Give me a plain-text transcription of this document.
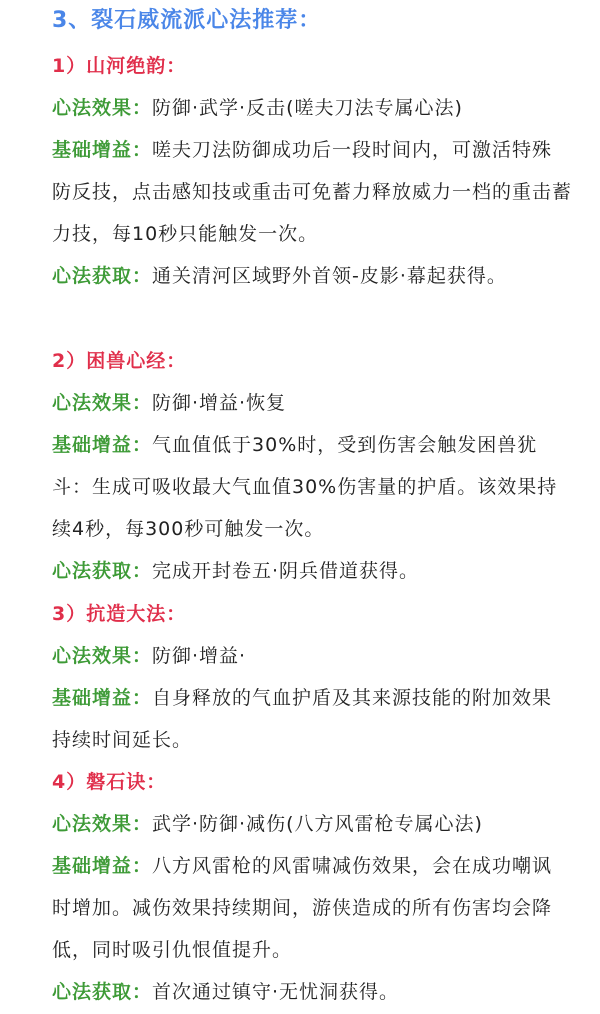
3、裂石威流派心法推荐：
1）山河绝韵：
心法效果：防御·武学·反击(嗟夫刀法专属心法)
基础增益：嗟夫刀法防御成功后一段时间内，可激活特殊防反技，点击感知技或重击可免蓄力释放威力一档的重击蓄力技，每10秒只能触发一次。
心法获取：通关清河区域野外首领-皮影·幕起获得。
2）困兽心经：
心法效果：防御·增益·恢复
基础增益：气血值低于30%时，受到伤害会触发困兽犹斗：生成可吸收最大气血值30%伤害量的护盾。该效果持续4秒，每300秒可触发一次。
心法获取：完成开封卷五·阴兵借道获得。
3）抗造大法：
心法效果：防御·增益·
基础增益：自身释放的气血护盾及其来源技能的附加效果持续时间延长。
4）磐石诀：
心法效果：武学·防御·减伤(八方风雷枪专属心法)
基础增益：八方风雷枪的风雷啸减伤效果，会在成功嘲讽时增加。减伤效果持续期间，游侠造成的所有伤害均会降低，同时吸引仇恨值提升。
心法获取：首次通过镇守·无忧洞获得。
